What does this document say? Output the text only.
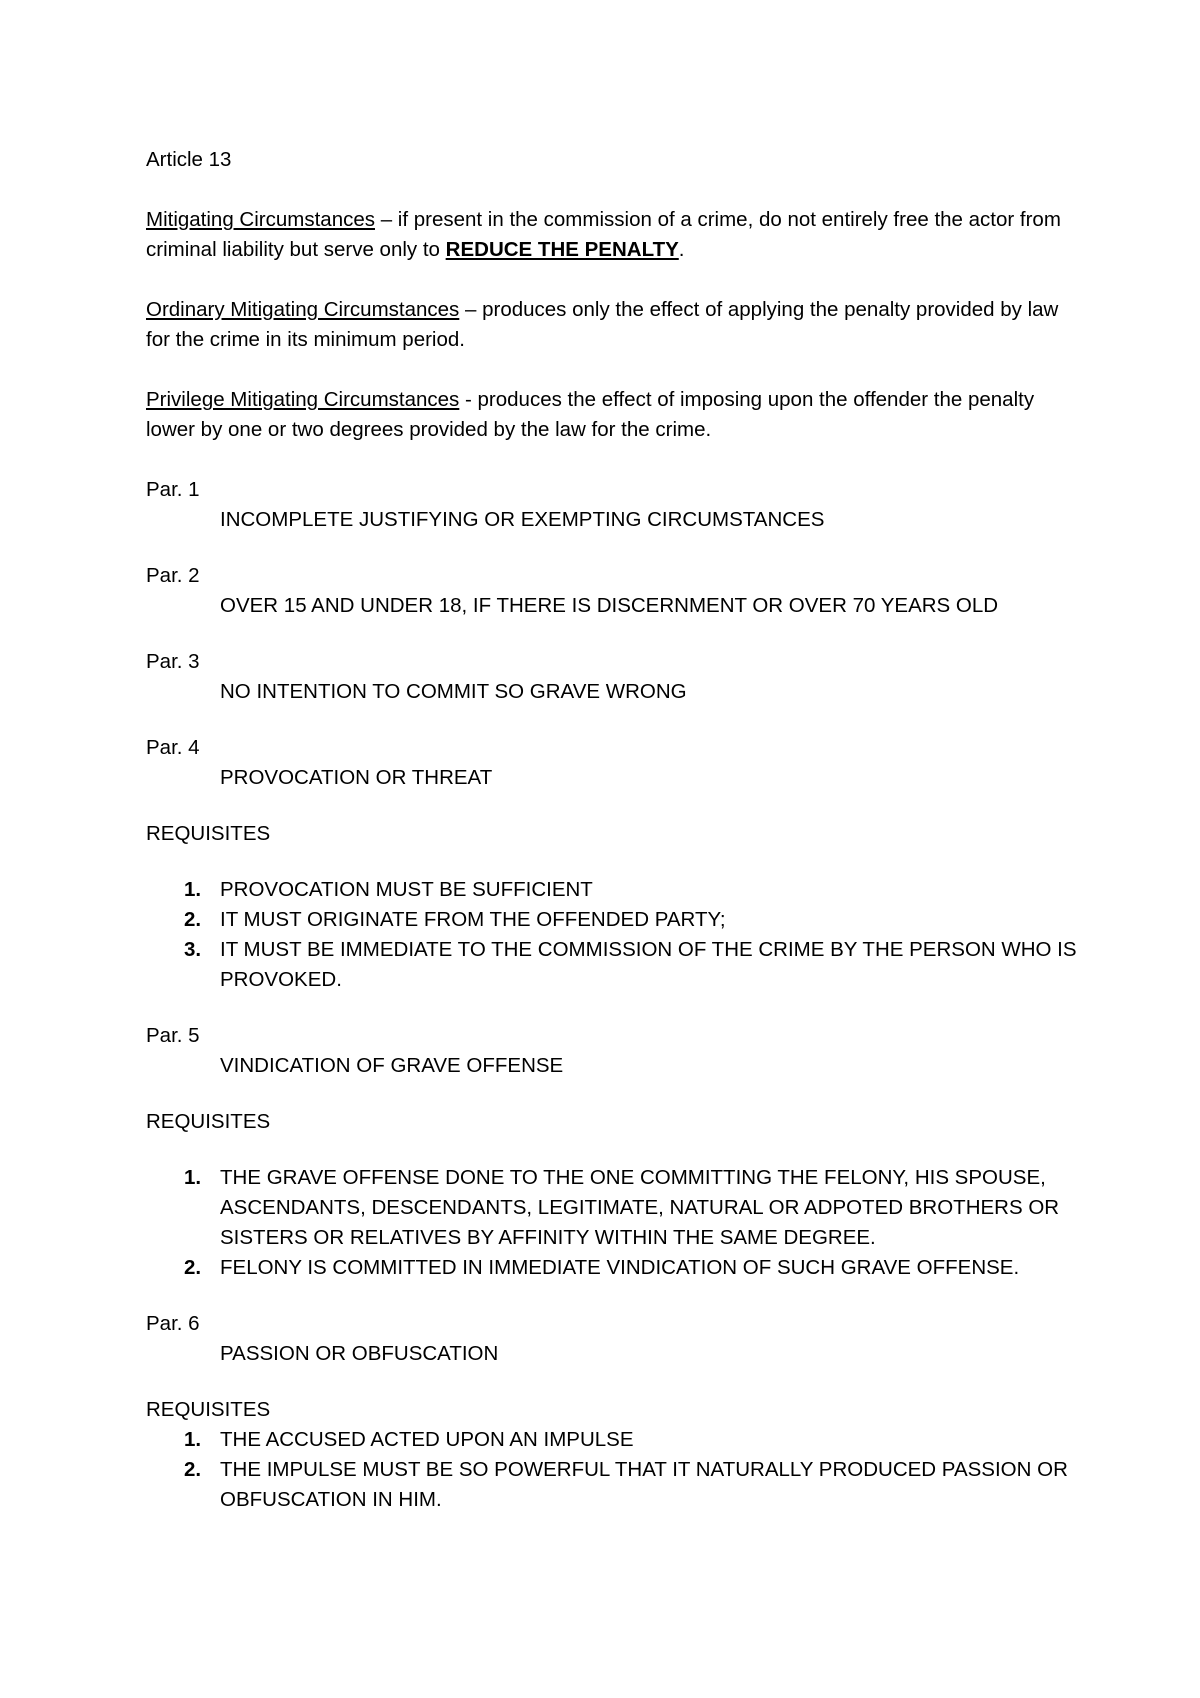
Article 13

Mitigating Circumstances – if present in the commission of a crime, do not entirely free the actor from criminal liability but serve only to REDUCE THE PENALTY.

Ordinary Mitigating Circumstances – produces only the effect of applying the penalty provided by law for the crime in its minimum period.

Privilege Mitigating Circumstances - produces the effect of imposing upon the offender the penalty lower by one or two degrees provided by the law for the crime.

Par. 1
INCOMPLETE JUSTIFYING OR EXEMPTING CIRCUMSTANCES
Par. 2
OVER 15 AND UNDER 18, IF THERE IS DISCERNMENT OR OVER 70 YEARS OLD
Par. 3
NO INTENTION TO COMMIT SO GRAVE WRONG
Par. 4
PROVOCATION OR THREAT
REQUISITES
1. PROVOCATION MUST BE SUFFICIENT
2. IT MUST ORIGINATE FROM THE OFFENDED PARTY;
3. IT MUST BE IMMEDIATE TO THE COMMISSION OF THE CRIME BY THE PERSON WHO IS PROVOKED.
Par. 5
VINDICATION OF GRAVE OFFENSE
REQUISITES
1. THE GRAVE OFFENSE DONE TO THE ONE COMMITTING THE FELONY, HIS SPOUSE, ASCENDANTS, DESCENDANTS, LEGITIMATE, NATURAL OR ADPOTED BROTHERS OR SISTERS OR RELATIVES BY AFFINITY WITHIN THE SAME DEGREE.
2. FELONY IS COMMITTED IN IMMEDIATE VINDICATION OF SUCH GRAVE OFFENSE.
Par. 6
PASSION OR OBFUSCATION
REQUISITES
1. THE ACCUSED ACTED UPON AN IMPULSE
2. THE IMPULSE MUST BE SO POWERFUL THAT IT NATURALLY PRODUCED PASSION OR OBFUSCATION IN HIM.
